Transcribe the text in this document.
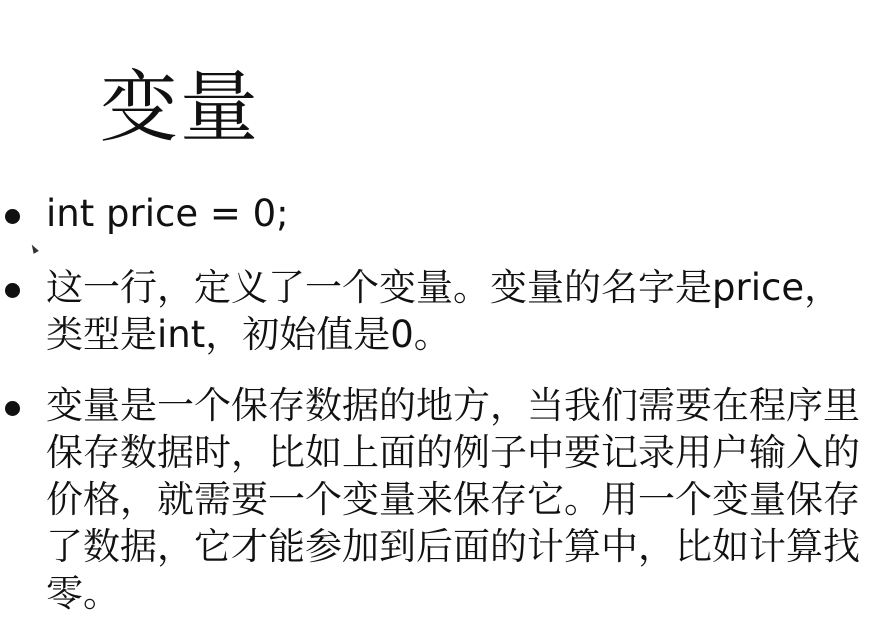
变量
int price = 0;
这一行，定义了一个变量。变量的名字是price，类型是int，初始值是0。
变量是一个保存数据的地方，当我们需要在程序里保存数据时，比如上面的例子中要记录用户输入的价格，就需要一个变量来保存它。用一个变量保存了数据，它才能参加到后面的计算中，比如计算找零。
